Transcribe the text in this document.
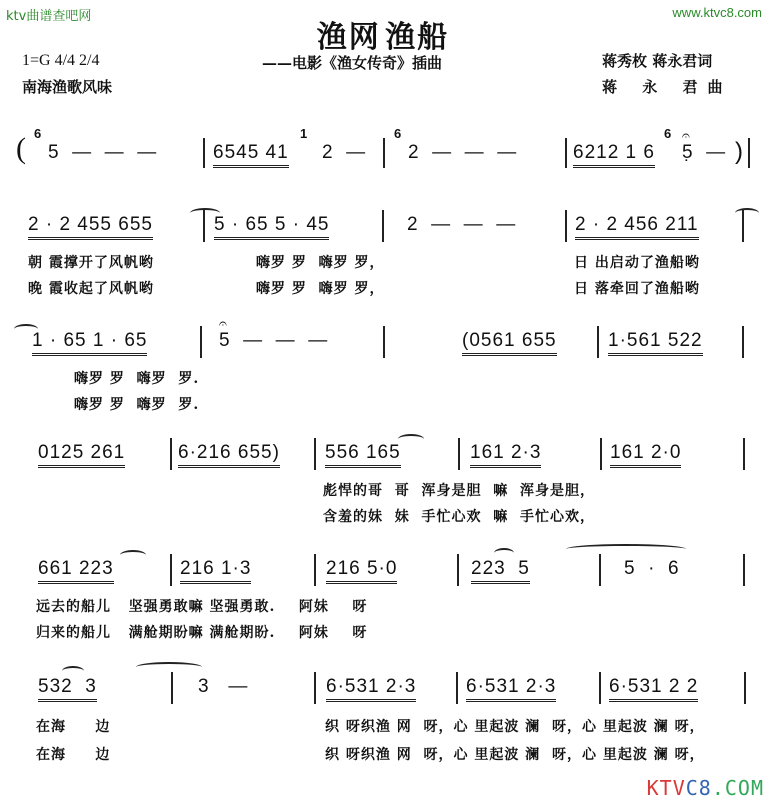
ktv曲谱查吧网	www.ktvc8.com
渔网 渔船
1=G 4/4 2/4
南海渔歌风味
——电影《渔女传奇》插曲	蒋秀枚 蒋永君词
蒋 永 君曲
( 6
5  —  —  —	6545 41
1
2  —
6
2  —  —  —	6212 1 6
6 𝄐
5̣  — )
2 · 2 455 655	5 · 65 5 · 45	2  —  —  —	2 · 2 456 211
朝 霞撑开了风帆哟	嗨罗 罗  嗨罗 罗，	日 出启动了渔船哟
晚 霞收起了风帆哟	嗨罗 罗  嗨罗 罗，	日 落牵回了渔船哟
1 · 65 1 · 65
𝄐
5  —  —  —	(0561 655	1·561 522
嗨罗 罗  嗨罗  罗.
嗨罗 罗  嗨罗  罗.
0125 261	6·216 655) 556 165	161 2·3	161 2·0
彪悍的哥  哥  浑身是胆  嘛  浑身是胆，
含羞的妹  妹  手忙心欢  嘛  手忙心欢，
661 223	216 1·3	216 5·0	223  5	5  ·  6
远去的船儿   坚强勇敢嘛 坚强勇敢.    阿妹    呀
归来的船儿   满舱期盼嘛 满舱期盼.    阿妹    呀
532  3	3   —	6·531 2·3	6·531 2·3	6·531 2 2
在海     边	织 呀织渔 网  呀，心 里起波 澜  呀，心 里起波 澜 呀，
在海     边	织 呀织渔 网  呀，心 里起波 澜  呀，心 里起波 澜 呀，
KTVC8.COM
